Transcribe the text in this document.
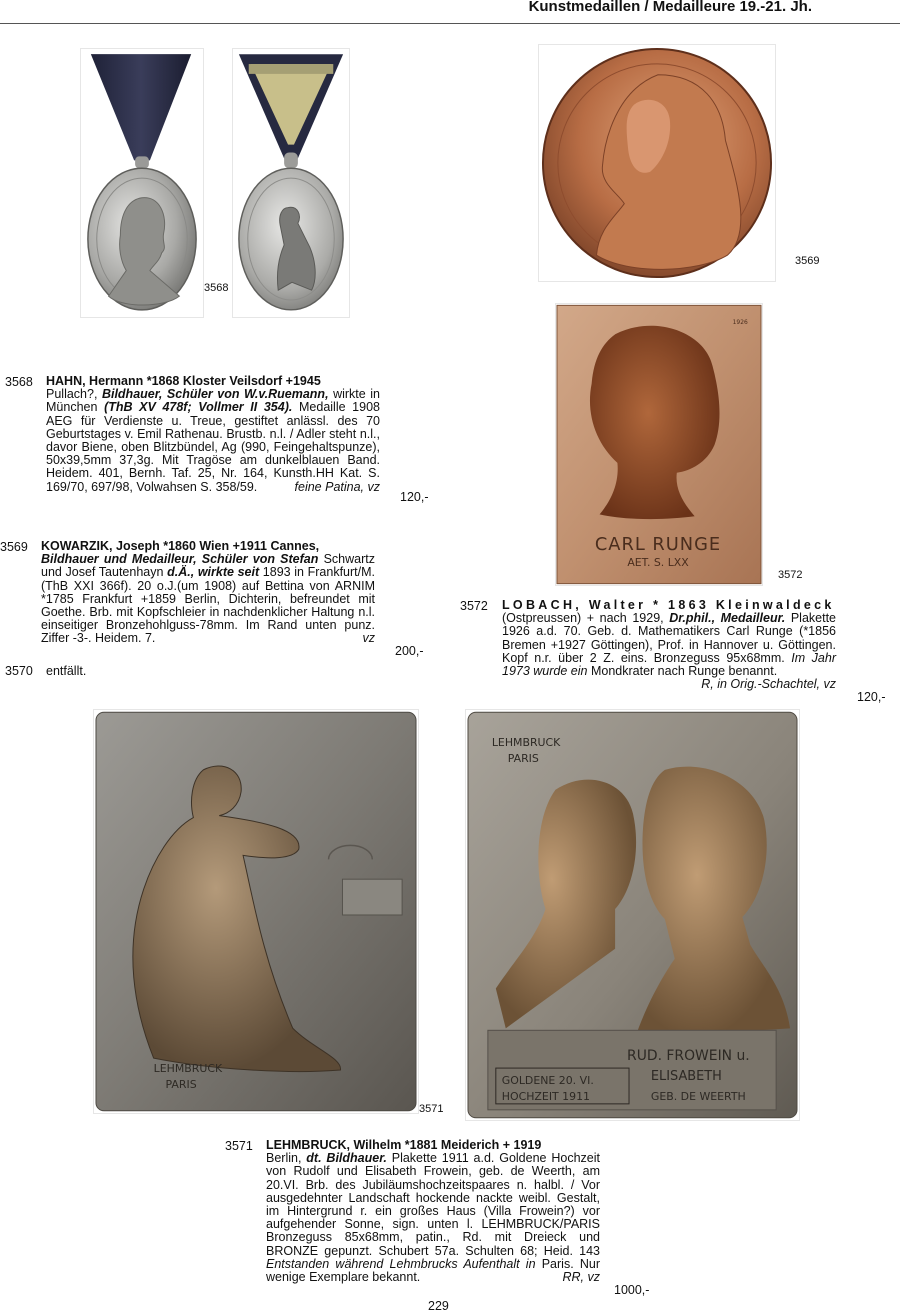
Kunstmedaillen / Medailleure 19.-21. Jh.
3568
3569
CARL RUNGE
AET. S. LXX
1926
3572
LEHMBRUCK
PARIS
3571
LEHMBRUCK
PARIS
RUD. FROWEIN u.
ELISABETH
GEB. DE WEERTH
GOLDENE 20. VI.
HOCHZEIT 1911
3568 HAHN, Hermann *1868 Kloster Veilsdorf +1945
Pullach?, Bildhauer, Schüler von W.v.Ruemann, wirkte in München (ThB XV 478f; Vollmer II 354). Medaille 1908 AEG für Verdienste u. Treue, gestiftet anlässl. des 70 Geburtstages v. Emil Rathenau. Brustb. n.l. / Adler steht n.l., davor Biene, oben Blitzbündel, Ag (990, Feingehaltspunze), 50x39,5mm 37,3g. Mit Tragöse am dunkelblauen Band. Heidem. 401, Bernh. Taf. 25, Nr. 164, Kunsth.HH Kat. S. 169/70, 697/98, Volwahsen S. 358/59.	feine Patina, vz
120,-
3569 KOWARZIK, Joseph *1860 Wien +1911 Cannes,
Bildhauer und Medailleur, Schüler von Stefan Schwartz und Josef Tautenhayn d.Ä., wirkte seit 1893 in Frankfurt/M. (ThB XXI 366f). 20 o.J.(um 1908) auf Bettina von ARNIM *1785 Frankfurt +1859 Berlin, Dichterin, befreundet mit Goethe. Brb. mit Kopfschleier in nachdenklicher Haltung n.l. einseitiger Bronzehohlguss-78mm. Im Rand unten punz. Ziffer -3-. Heidem. 7.	vz
200,-
3570 entfällt.
3572 LOBACH, Walter * 1863 Kleinwaldeck
(Ostpreussen) + nach 1929, Dr.phil., Medailleur. Plakette 1926 a.d. 70. Geb. d. Mathematikers Carl Runge (*1856 Bremen +1927 Göttingen), Prof. in Hannover u. Göttingen. Kopf n.r. über 2 Z. eins. Bronzeguss 95x68mm. Im Jahr 1973 wurde ein Mondkrater nach Runge benannt.
R, in Orig.-Schachtel, vz
120,-
3571 LEHMBRUCK, Wilhelm *1881 Meiderich + 1919
Berlin, dt. Bildhauer. Plakette 1911 a.d. Goldene Hochzeit von Rudolf und Elisabeth Frowein, geb. de Weerth, am 20.VI. Brb. des Jubiläumshochzeitspaares n. halbl. / Vor ausgedehnter Landschaft hockende nackte weibl. Gestalt, im Hintergrund r. ein großes Haus (Villa Frowein?) vor aufgehender Sonne, sign. unten l. LEHMBRUCK/PARIS Bronzeguss 85x68mm, patin., Rd. mit Dreieck und BRONZE gepunzt. Schubert 57a. Schulten 68; Heid. 143 Entstanden während Lehmbrucks Aufenthalt in Paris. Nur wenige Exemplare bekannt.	RR, vz
1000,-
229
